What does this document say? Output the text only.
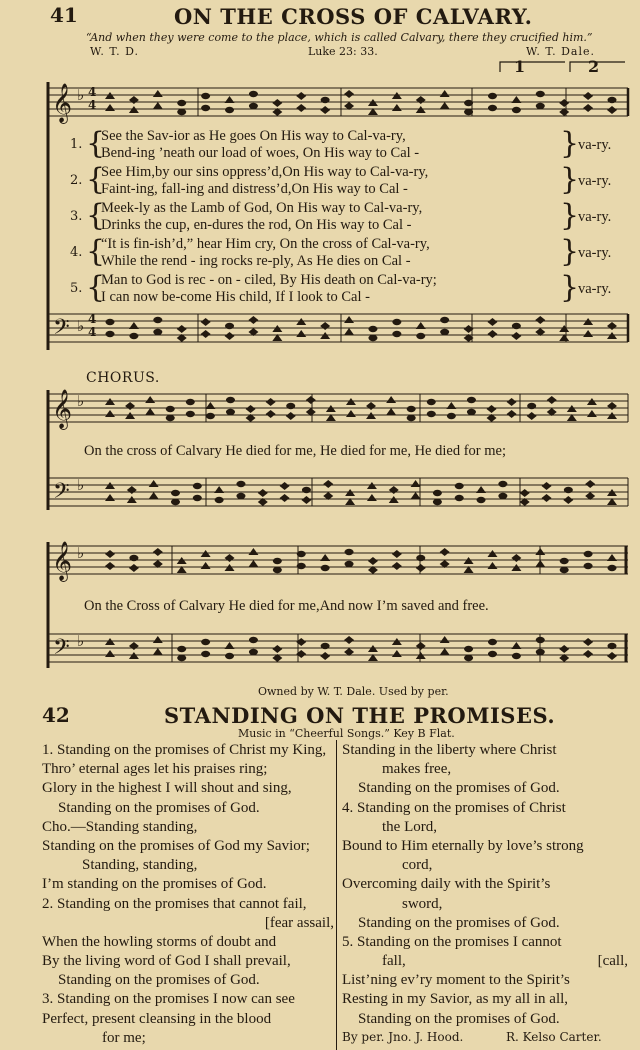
41	ON THE CROSS OF CALVARY.
“And when they were come to the place, which is called Calvary, there they crucified him.”
W. T. D.	Luke 23: 33.	W. T. Dale.
𝄞
𝄢
𝄞
𝄢
𝄞
𝄢
♭
♭
♭
♭
♭
♭
4
4
4
4
1	2
1. {
See the Sav-ior as He goes On His way to Cal-va-ry,
Bend-ing ’neath our load of woes, On His way to Cal -	}
va-ry.
2. {
See Him,by our sins oppress’d,On His way to Cal-va-ry,
Faint-ing, fall-ing and distress’d,On His way to Cal -	}
va-ry.
3. {
Meek-ly as the Lamb of God, On His way to Cal-va-ry,
Drinks the cup, en-dures the rod, On His way to Cal -	}
va-ry.
4. {
“It is fin-ish’d,” hear Him cry, On the cross of Cal-va-ry,
While the rend - ing rocks re-ply, As He dies on Cal -	}
va-ry.
5. {
Man to God is rec - on - ciled, By His death on Cal-va-ry;
I can now be-come His child, If I look to Cal -	}
va-ry.
CHORUS.
On the cross of Calvary He died for me, He died for me, He died for me;
On the Cross of Calvary He died for me,And now I’m saved and free.
Owned by W. T. Dale. Used by per.
42	STANDING ON THE PROMISES.
Music in “Cheerful Songs.” Key B Flat.
1. Standing on the promises of Christ my King,
Thro’ eternal ages let his praises ring;
Glory in the highest I will shout and sing,
Standing on the promises of God.
Cho.—Standing standing,
Standing on the promises of God my Savior;
Standing, standing,
I’m standing on the promises of God.
2. Standing on the promises that cannot fail,
[fear assail,
When the howling storms of doubt and
By the living word of God I shall prevail,
Standing on the promises of God.
3. Standing on the promises I now can see
Perfect, present cleansing in the blood
for me;
Standing in the liberty where Christ
makes free,
Standing on the promises of God.
4. Standing on the promises of Christ
the Lord,
Bound to Him eternally by love’s strong
cord,
Overcoming daily with the Spirit’s
sword,
Standing on the promises of God.
5. Standing on the promises I cannot
fall,	[call,
List’ning ev’ry moment to the Spirit’s
Resting in my Savior, as my all in all,
Standing on the promises of God.
By per. Jno. J. Hood.	R. Kelso Carter.
